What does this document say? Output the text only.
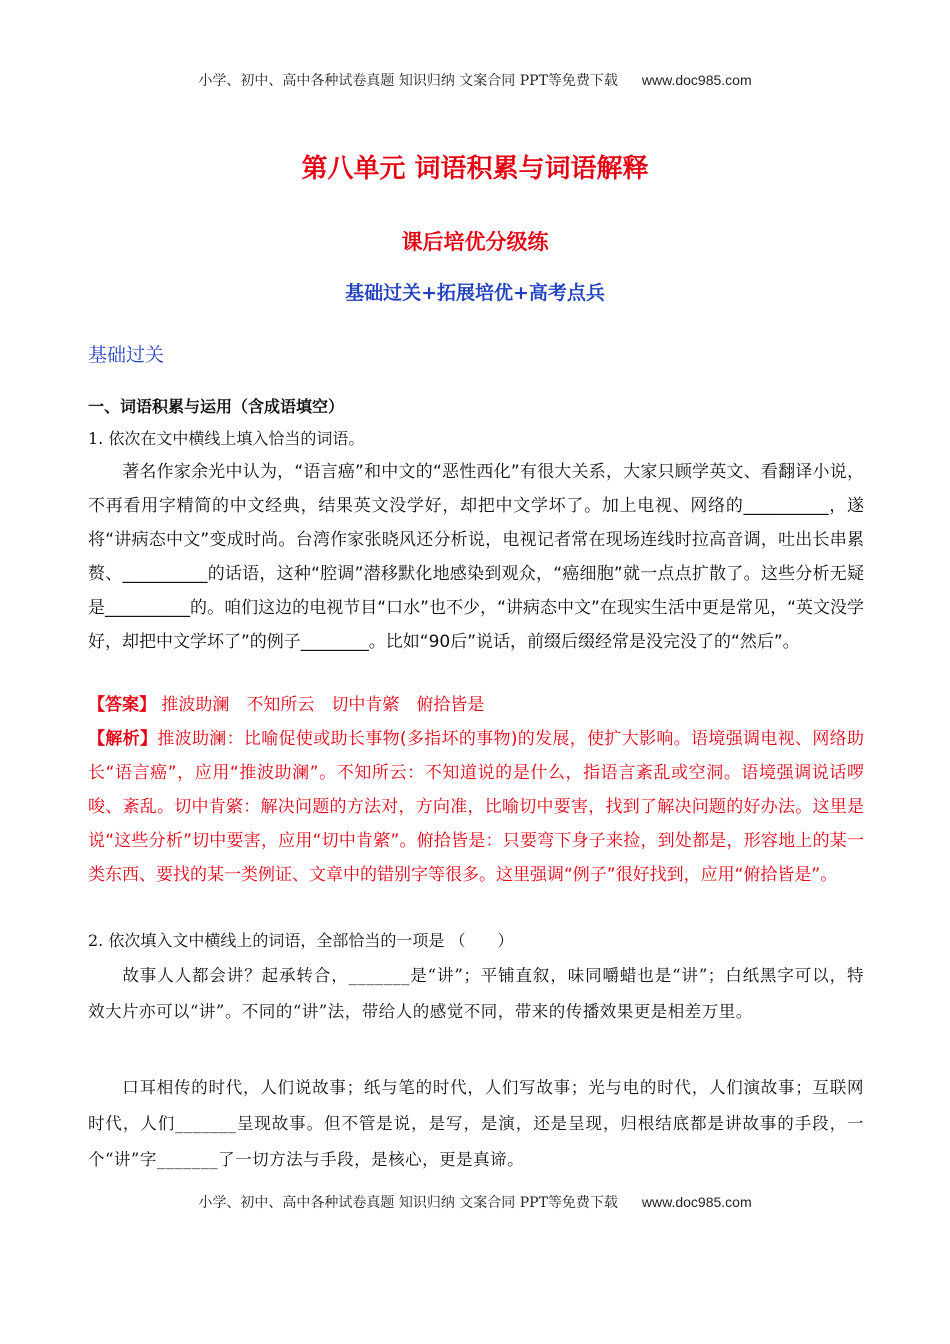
小学、初中、高中各种试卷真题 知识归纳 文案合同 PPT等免费下载 www.doc985.com
第八单元 词语积累与词语解释
课后培优分级练
基础过关+拓展培优+高考点兵
基础过关
一、词语积累与运用（含成语填空）
1. 依次在文中横线上填入恰当的词语。
著名作家余光中认为，“语言癌”和中文的“恶性西化”有很大关系，大家只顾学英文、看翻译小说，不再看用字精简的中文经典，结果英文没学好，却把中文学坏了。加上电视、网络的__________，遂将“讲病态中文”变成时尚。台湾作家张晓风还分析说，电视记者常在现场连线时拉高音调，吐出长串累赘、__________的话语，这种“腔调”潜移默化地感染到观众，“癌细胞”就一点点扩散了。这些分析无疑是__________的。咱们这边的电视节目“口水”也不少，“讲病态中文”在现实生活中更是常见，“英文没学好，却把中文学坏了”的例子________。比如“90后”说话，前缀后缀经常是没完没了的“然后”。
【答案】 推波助澜　不知所云　切中肯綮　俯拾皆是
【解析】推波助澜：比喻促使或助长事物(多指坏的事物)的发展，使扩大影响。语境强调电视、网络助长“语言癌”，应用“推波助澜”。不知所云：不知道说的是什么，指语言紊乱或空洞。语境强调说话啰唆、紊乱。切中肯綮：解决问题的方法对，方向准，比喻切中要害，找到了解决问题的好办法。这里是说“这些分析”切中要害，应用“切中肯綮”。俯拾皆是：只要弯下身子来捡，到处都是，形容地上的某一类东西、要找的某一类例证、文章中的错别字等很多。这里强调“例子”很好找到，应用“俯拾皆是”。
2. 依次填入文中横线上的词语，全部恰当的一项是 （　　）
故事人人都会讲？起承转合，_______是“讲”；平铺直叙，味同嚼蜡也是“讲”；白纸黑字可以，特效大片亦可以“讲”。不同的“讲”法，带给人的感觉不同，带来的传播效果更是相差万里。
口耳相传的时代，人们说故事；纸与笔的时代，人们写故事；光与电的时代，人们演故事；互联网时代，人们_______呈现故事。但不管是说，是写，是演，还是呈现，归根结底都是讲故事的手段，一个“讲”字_______了一切方法与手段，是核心，更是真谛。
小学、初中、高中各种试卷真题 知识归纳 文案合同 PPT等免费下载 www.doc985.com
